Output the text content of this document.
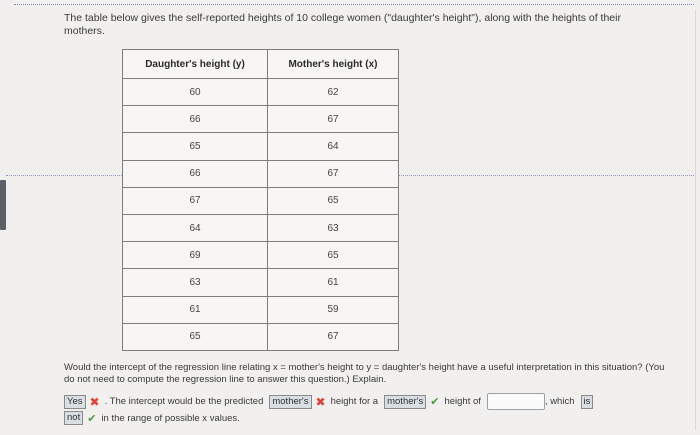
The table below gives the self-reported heights of 10 college women ("daughter's height"), along with the heights of their mothers.
Daughter's height (y)	Mother's height (x)
60	62
66	67
65	64
66	67
67	65
64	63
69	65
63	61
61	59
65	67
Would the intercept of the regression line relating x = mother's height to y = daughter's height have a useful interpretation in this situation? (You do not need to compute the regression line to answer this question.) Explain.
Yes ✖ . The intercept would be the predicted mother's ✖ height for a mother's ✔ height of	, which is
not ✔ in the range of possible x values.
